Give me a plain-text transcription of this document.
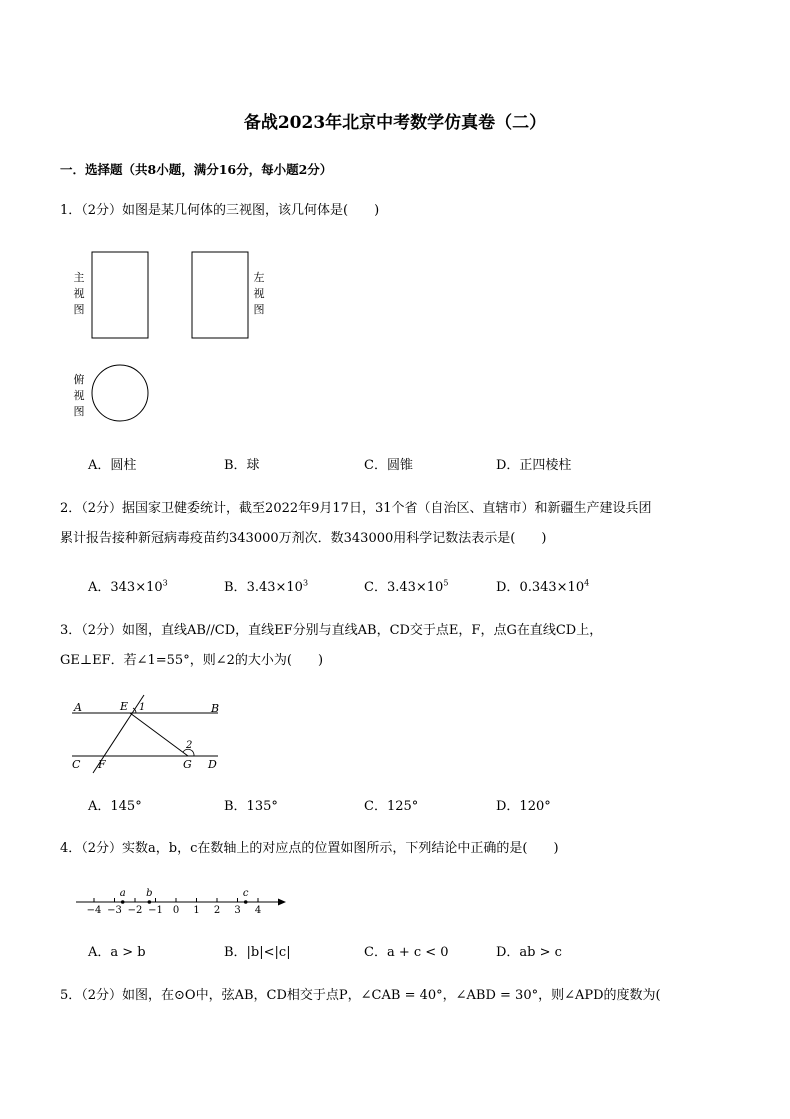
备战2023年北京中考数学仿真卷（二）
一．选择题（共8小题，满分16分，每小题2分）
1．（2分）如图是某几何体的三视图，该几何体是(　　)
主视图
左视图
俯视图
A．圆柱	B．球	C．圆锥	D．正四棱柱
2．（2分）据国家卫健委统计，截至2022年9月17日，31个省（自治区、直辖市）和新疆生产建设兵团
累计报告接种新冠病毒疫苗约343000万剂次．数343000用科学记数法表示是(　　)
A．$343\times 10^3$	B．$3.43\times 10^3$	C．$3.43\times 10^5$	D．$0.343\times 10^4$
3．（2分）如图，直线AB//CD，直线EF分别与直线AB，CD交于点E，F，点G在直线CD上，
GE⊥EF．若∠1=55°，则∠2的大小为(　　)
A	B
E 1
2
C F	G D
A．145°	B．135°	C．125°	D．120°
4．（2分）实数a，b，c在数轴上的对应点的位置如图所示，下列结论中正确的是(　　)
−4 −3 −2 −1 0 1 2 3 4
a b	c
A．a > b	B．|b|<|c|	C．a + c < 0	D．ab > c
5．（2分）如图，在⊙O中，弦AB，CD相交于点P，∠CAB = 40°，∠ABD = 30°，则∠APD的度数为(
